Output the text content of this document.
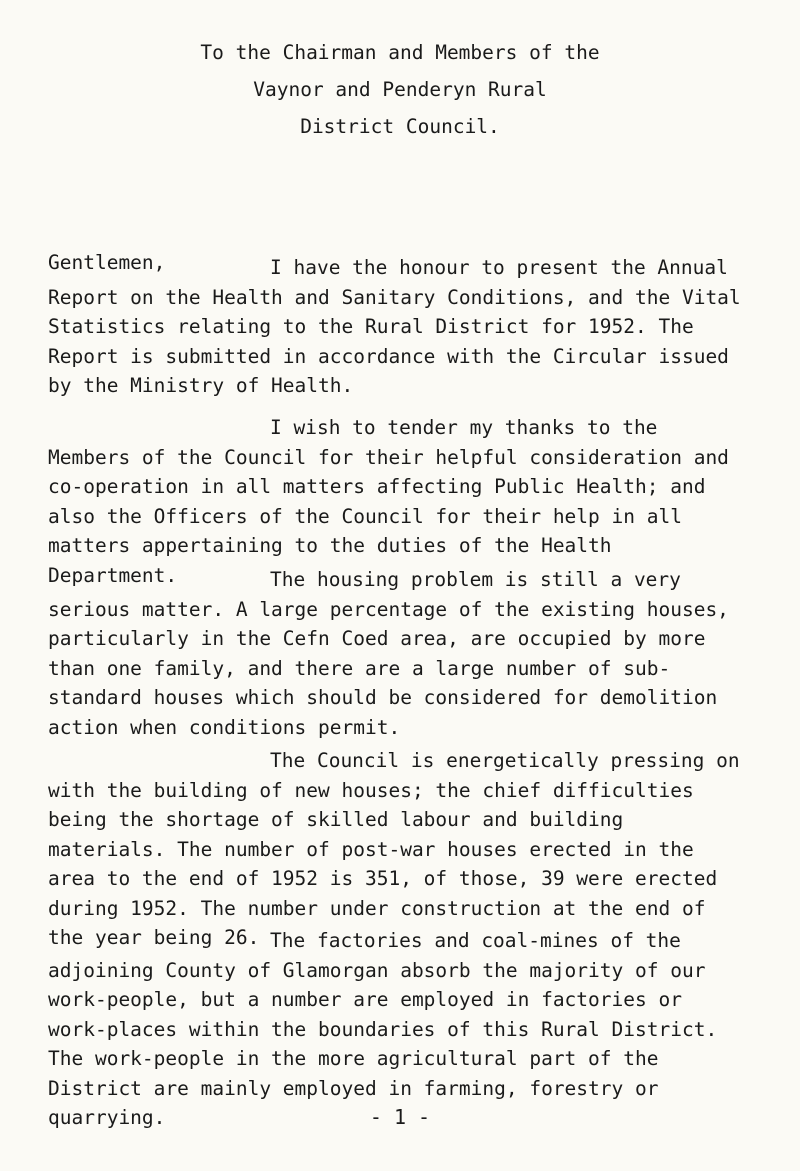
To the Chairman and Members of the
Vaynor and Penderyn Rural
District Council.
Gentlemen,	I have the honour to present the Annual Report on the Health and Sanitary Conditions, and the Vital Statistics relating to the Rural District for 1952. The Report is submitted in accordance with the Circular issued by the Ministry of Health.

I wish to tender my thanks to the Members of the Council for their helpful consideration and co-operation in all matters affecting Public Health; and also the Officers of the Council for their help in all matters appertaining to the duties of the Health Department.	The housing problem is still a very serious matter. A large percentage of the existing houses, particularly in the Cefn Coed area, are occupied by more than one family, and there are a large number of sub-standard houses which should be considered for demolition action when conditions permit.

The Council is energetically pressing on with the building of new houses; the chief difficulties being the shortage of skilled labour and building materials. The number of post-war houses erected in the area to the end of 1952 is 351, of those, 39 were erected during 1952. The number under construction at the end of the year being 26. The factories and coal-mines of the adjoining County of Glamorgan absorb the majority of our work-people, but a number are employed in factories or work-places within the boundaries of this Rural District. The work-people in the more agricultural part of the District are mainly employed in farming, forestry or quarrying.	- 1 -
